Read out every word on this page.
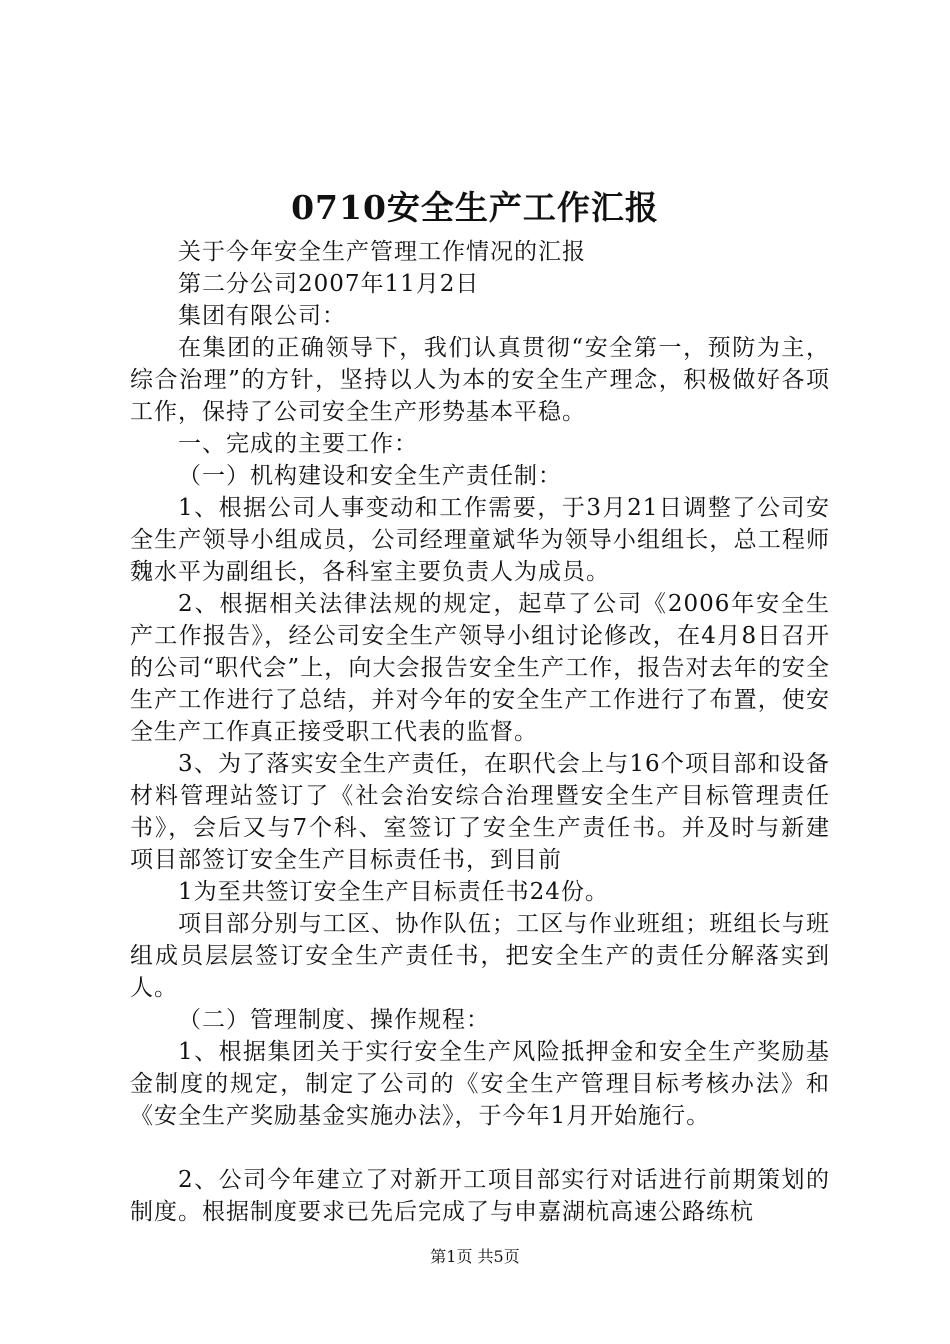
0710安全生产工作汇报

关于今年安全生产管理工作情况的汇报

第二分公司2007年11月2日

集团有限公司：

在集团的正确领导下，我们认真贯彻“安全第一，预防为主，综合治理”的方针，坚持以人为本的安全生产理念，积极做好各项工作，保持了公司安全生产形势基本平稳。

一、完成的主要工作：

（一）机构建设和安全生产责任制：

1、根据公司人事变动和工作需要，于3月21日调整了公司安全生产领导小组成员，公司经理童斌华为领导小组组长，总工程师魏水平为副组长，各科室主要负责人为成员。

2、根据相关法律法规的规定，起草了公司《2006年安全生产工作报告》，经公司安全生产领导小组讨论修改，在4月8日召开的公司“职代会”上，向大会报告安全生产工作，报告对去年的安全生产工作进行了总结，并对今年的安全生产工作进行了布置，使安全生产工作真正接受职工代表的监督。

3、为了落实安全生产责任，在职代会上与16个项目部和设备材料管理站签订了《社会治安综合治理暨安全生产目标管理责任书》，会后又与7个科、室签订了安全生产责任书。并及时与新建项目部签订安全生产目标责任书，到目前

1为至共签订安全生产目标责任书24份。

项目部分别与工区、协作队伍；工区与作业班组；班组长与班组成员层层签订安全生产责任书，把安全生产的责任分解落实到人。

（二）管理制度、操作规程：

1、根据集团关于实行安全生产风险抵押金和安全生产奖励基金制度的规定，制定了公司的《安全生产管理目标考核办法》和《安全生产奖励基金实施办法》，于今年1月开始施行。

2、公司今年建立了对新开工项目部实行对话进行前期策划的制度。根据制度要求已先后完成了与申嘉湖杭高速公路练杭

第1页 共5页
